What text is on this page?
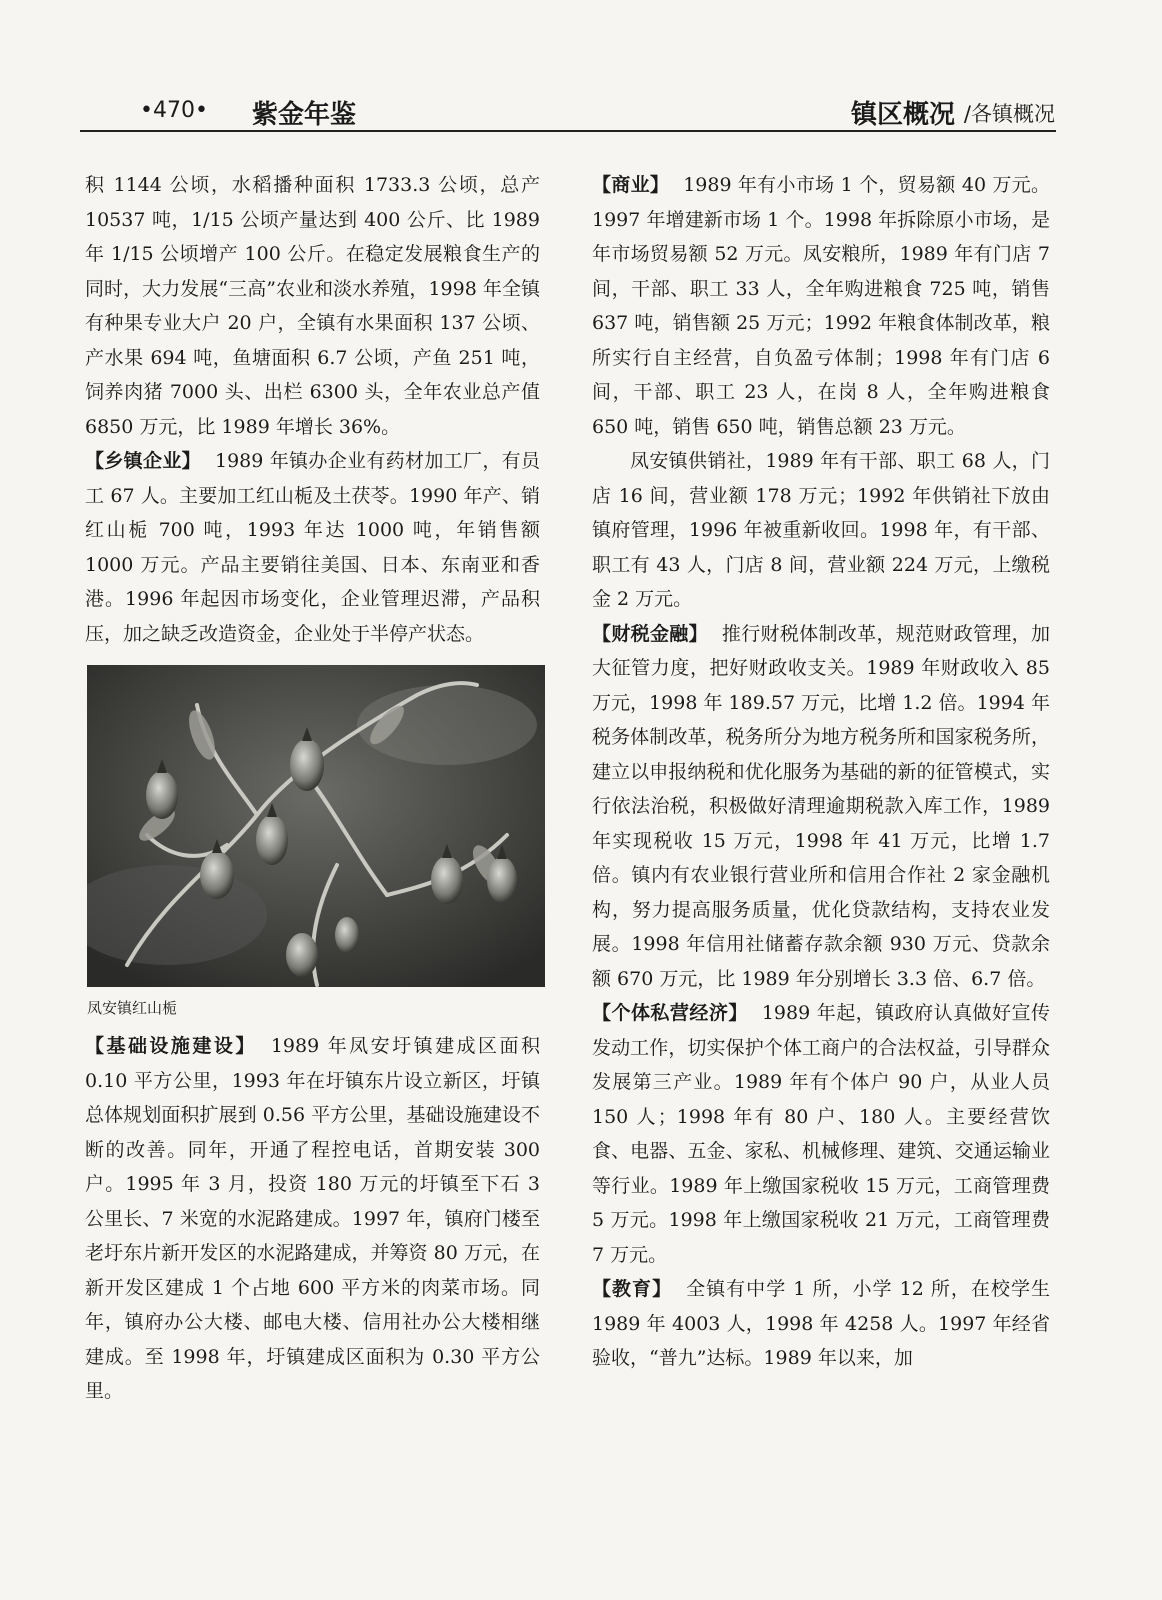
•470• 紫金年鉴	镇区概况 /各镇概况

积 1144 公顷，水稻播种面积 1733.3 公顷，总产 10537 吨，1/15 公顷产量达到 400 公斤、比 1989 年 1/15 公顷增产 100 公斤。在稳定发展粮食生产的同时，大力发展“三高”农业和淡水养殖，1998 年全镇有种果专业大户 20 户，全镇有水果面积 137 公顷、产水果 694 吨，鱼塘面积 6.7 公顷，产鱼 251 吨，饲养肉猪 7000 头、出栏 6300 头，全年农业总产值 6850 万元，比 1989 年增长 36%。

【乡镇企业】 1989 年镇办企业有药材加工厂，有员工 67 人。主要加工红山栀及土茯苓。1990 年产、销红山栀 700 吨，1993 年达 1000 吨，年销售额 1000 万元。产品主要销往美国、日本、东南亚和香港。1996 年起因市场变化，企业管理迟滞，产品积压，加之缺乏改造资金，企业处于半停产状态。

凤安镇红山栀

【基础设施建设】 1989 年凤安圩镇建成区面积 0.10 平方公里，1993 年在圩镇东片设立新区，圩镇总体规划面积扩展到 0.56 平方公里，基础设施建设不断的改善。同年，开通了程控电话，首期安装 300 户。1995 年 3 月，投资 180 万元的圩镇至下石 3 公里长、7 米宽的水泥路建成。1997 年，镇府门楼至老圩东片新开发区的水泥路建成，并筹资 80 万元，在新开发区建成 1 个占地 600 平方米的肉菜市场。同年，镇府办公大楼、邮电大楼、信用社办公大楼相继建成。至 1998 年，圩镇建成区面积为 0.30 平方公里。

【商业】 1989 年有小市场 1 个，贸易额 40 万元。1997 年增建新市场 1 个。1998 年拆除原小市场，是年市场贸易额 52 万元。凤安粮所，1989 年有门店 7 间，干部、职工 33 人，全年购进粮食 725 吨，销售 637 吨，销售额 25 万元；1992 年粮食体制改革，粮所实行自主经营，自负盈亏体制；1998 年有门店 6 间，干部、职工 23 人，在岗 8 人，全年购进粮食 650 吨，销售 650 吨，销售总额 23 万元。

凤安镇供销社，1989 年有干部、职工 68 人，门店 16 间，营业额 178 万元；1992 年供销社下放由镇府管理，1996 年被重新收回。1998 年，有干部、职工有 43 人，门店 8 间，营业额 224 万元，上缴税金 2 万元。

【财税金融】 推行财税体制改革，规范财政管理，加大征管力度，把好财政收支关。1989 年财政收入 85 万元，1998 年 189.57 万元，比增 1.2 倍。1994 年税务体制改革，税务所分为地方税务所和国家税务所，建立以申报纳税和优化服务为基础的新的征管模式，实行依法治税，积极做好清理逾期税款入库工作，1989 年实现税收 15 万元，1998 年 41 万元，比增 1.7 倍。镇内有农业银行营业所和信用合作社 2 家金融机构，努力提高服务质量，优化贷款结构，支持农业发展。1998 年信用社储蓄存款余额 930 万元、贷款余额 670 万元，比 1989 年分别增长 3.3 倍、6.7 倍。

【个体私营经济】 1989 年起，镇政府认真做好宣传发动工作，切实保护个体工商户的合法权益，引导群众发展第三产业。1989 年有个体户 90 户，从业人员 150 人；1998 年有 80 户、180 人。主要经营饮食、电器、五金、家私、机械修理、建筑、交通运输业等行业。1989 年上缴国家税收 15 万元，工商管理费 5 万元。1998 年上缴国家税收 21 万元，工商管理费 7 万元。

【教育】 全镇有中学 1 所，小学 12 所，在校学生 1989 年 4003 人，1998 年 4258 人。1997 年经省验收，“普九”达标。1989 年以来，加
